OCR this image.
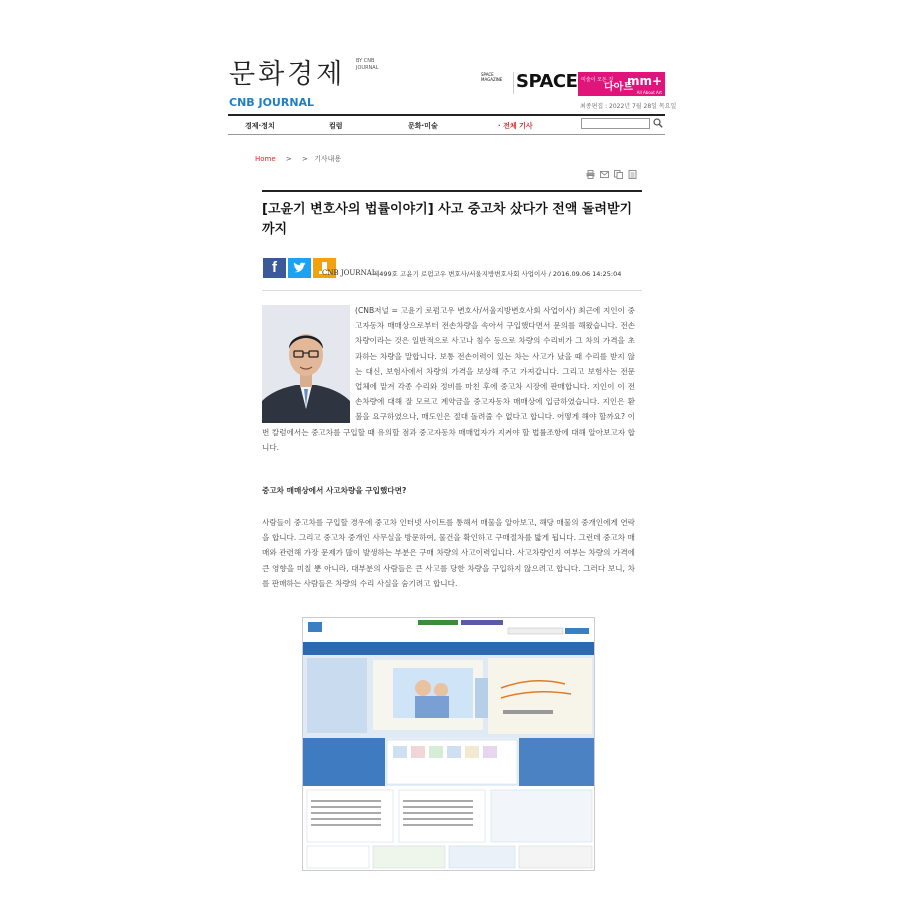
문화경제 BY CNB JOURNAL
CNB JOURNAL
SPACE MAGAZINE SPACE 미술이 모든 것
다아트
mm+
All About Art
최종편집 : 2022년 7월 28일 목요일
경제·정치	컬럼	문화·미술	· 전체 기사
Home > > 기사내용
[고윤기 변호사의 법률이야기] 사고 중고차 샀다가 전액 돌려받기까지
f	CNB JOURNAL
제499호 고윤기 로펌고우 변호사/서울지방변호사회 사업이사 / 2016.09.06 14:25:04
(CNB저널 = 고윤기 로펌고우 변호사/서울지방변호사회 사업이사) 최근에 지인이 중고자동차 매매상으로부터 전손차량을 속아서 구입했다면서 문의를 해왔습니다. 전손차량이라는 것은 일반적으로 사고나 침수 등으로 차량의 수리비가 그 차의 가격을 초과하는 차량을 말합니다. 보통 전손이력이 있는 차는 사고가 났을 때 수리를 받지 않는 대신, 보험사에서 차량의 가격을 보상해 주고 가져갑니다. 그리고 보험사는 전문 업체에 맡겨 각종 수리와 정비를 마친 후에 중고차 시장에 판매합니다. 지인이 이 전손차량에 대해 잘 모르고 계약금을 중고자동차 매매상에 입금하였습니다. 지인은 환불을 요구하였으나, 매도인은 절대 돌려줄 수 없다고 합니다. 어떻게 해야 할까요? 이번 칼럼에서는 중고차를 구입할 때 유의할 점과 중고자동차 매매업자가 지켜야 할 법률조항에 대해 알아보고자 합니다.
중고차 매매상에서 사고차량을 구입했다면?
사람들이 중고차를 구입할 경우에 중고차 인터넷 사이트를 통해서 매물을 알아보고, 해당 매물의 중개인에게 연락을 합니다. 그리고 중고차 중개인 사무실을 방문하여, 물건을 확인하고 구매절차를 밟게 됩니다. 그런데 중고차 매매와 관련해 가장 문제가 많이 발생하는 부분은 구매 차량의 사고이력입니다. 사고차량인지 여부는 차량의 가격에 큰 영향을 미칠 뿐 아니라, 대부분의 사람들은 큰 사고를 당한 차량을 구입하지 않으려고 합니다. 그러다 보니, 차를 판매하는 사람들은 차량의 수리 사실을 숨기려고 합니다.
